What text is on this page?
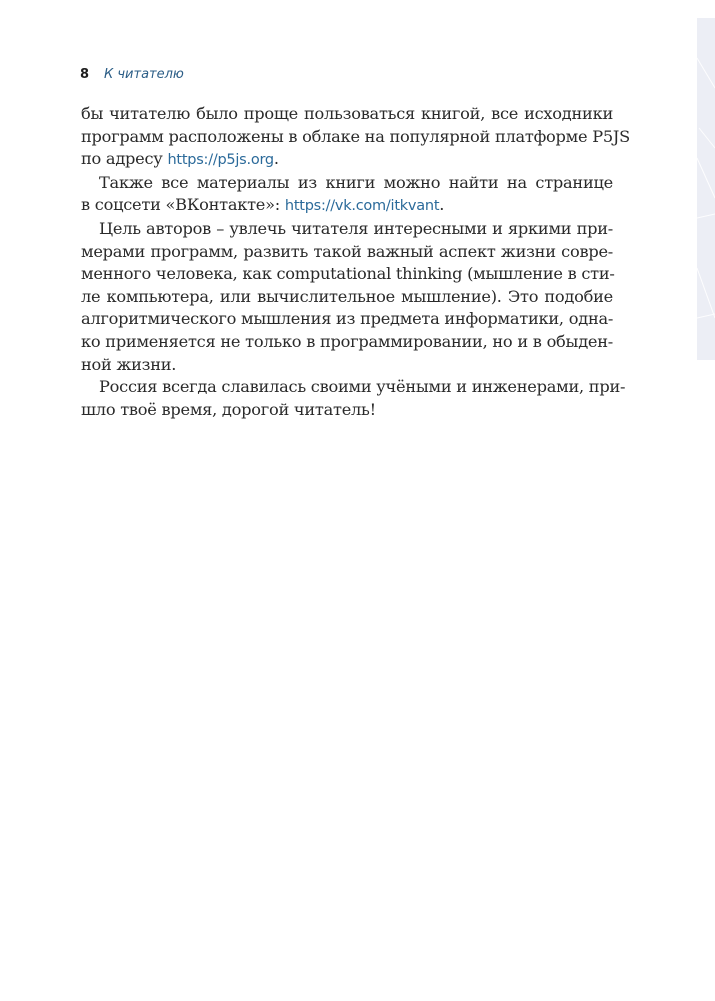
8	К читателю
бы читателю было проще пользоваться книгой, все исходники
программ расположены в облаке на популярной платформе P5JS
по адресу https://p5js.org.
Также все материалы из книги можно найти на странице
в соцсети «ВКонтакте»: https://vk.com/itkvant.
Цель авторов – увлечь читателя интересными и яркими при-
мерами программ, развить такой важный аспект жизни совре-
менного человека, как computational thinking (мышление в сти-
ле компьютера, или вычислительное мышление). Это подобие
алгоритмического мышления из предмета информатики, одна-
ко применяется не только в программировании, но и в обыден-
ной жизни.
Россия всегда славилась своими учёными и инженерами, при-
шло твоё время, дорогой читатель!
